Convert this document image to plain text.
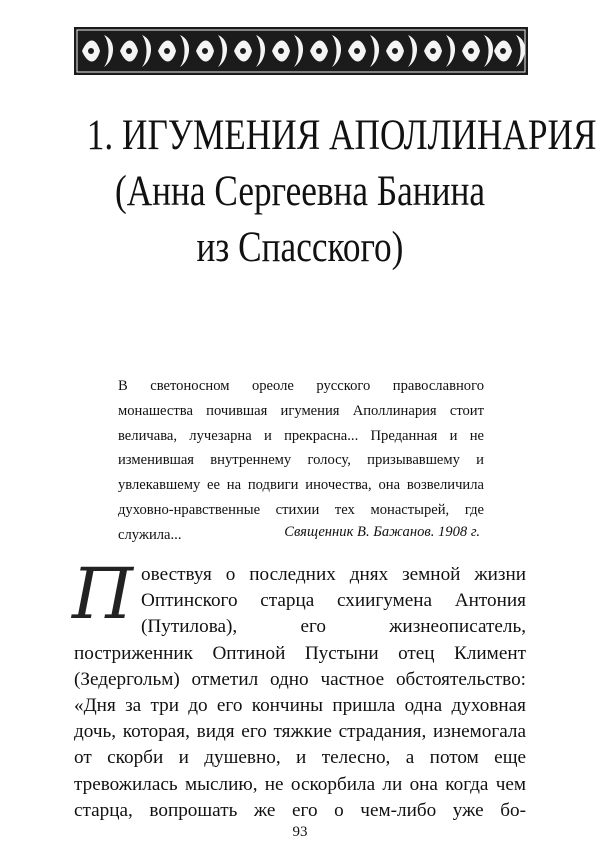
1. ИГУМЕНИЯ АПОЛЛИНАРИЯ
(Анна Сергеевна Банина
из Спасского)

В светоносном ореоле русского православного монашества почившая игумения Аполлинария стоит величава, лучезарна и прекрасна... Преданная и не изменившая внутреннему голосу, призывавшему и увлекавшему ее на подвиги иночества, она возвеличила духовно-нравственные стихии тех монастырей, где служила...	Священник В. Бажанов. 1908 г.

Повествуя о последних днях земной жизни Оптинского старца схиигумена Антония (Путилова), его жизнеописатель, постриженник Оптиной Пустыни отец Климент (Зедергольм) отметил одно частное обстоятельство: «Дня за три до его кончины пришла одна духовная дочь, которая, видя его тяжкие страдания, изнемогала от скорби и душевно, и телесно, а потом еще тревожилась мыслию, не оскорбила ли она когда чем старца, вопрошать же его о чем-либо уже бо-

93
